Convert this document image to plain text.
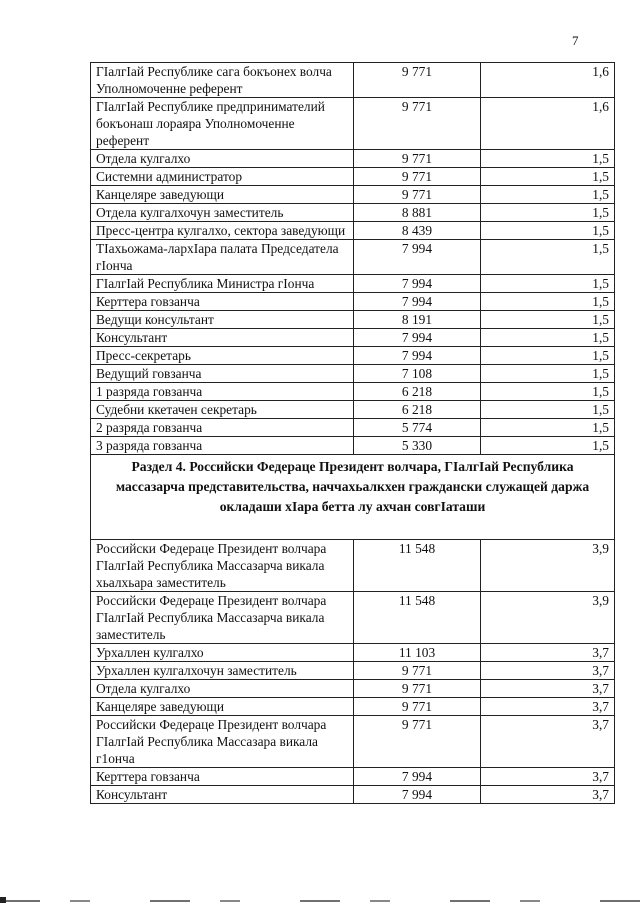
7
ГIалгIай Республике сага бокъонех волча Уполномоченне референт	9 771	1,6
ГIалгIай Республике предпринимателий бокъонаш лораяра Уполномоченне референт	9 771	1,6
Отдела кулгалхо	9 771	1,5
Системни администратор	9 771	1,5
Канцеляре заведующи	9 771	1,5
Отдела кулгалхочун заместитель	8 881	1,5
Пресс-центра кулгалхо, сектора заведующи	8 439	1,5
ТIахьожама-лархIара палата Председатела гIонча	7 994	1,5
ГIалгIай Республика Министра гIонча	7 994	1,5
Керттера говзанча	7 994	1,5
Ведущи консультант	8 191	1,5
Консультант	7 994	1,5
Пресс-секретарь	7 994	1,5
Ведущий говзанча	7 108	1,5
1 разряда говзанча	6 218	1,5
Судебни ккетачен секретарь	6 218	1,5
2 разряда говзанча	5 774	1,5
3 разряда говзанча	5 330	1,5
Раздел 4. Российски Федераце Президент волчара, ГIалгIай Республика массазарча представительства, наччахьалкхен граждански служащей даржа окладаши хIара бетта лу ахчан совгIаташи		
Российски Федераце Президент волчара ГIалгIай Республика Массазарча викала хьалхьара заместитель	11 548	3,9
Российски Федераце Президент волчара ГIалгIай Республика Массазарча викала заместитель	11 548	3,9
Урхаллен кулгалхо	11 103	3,7
Урхаллен кулгалхочун заместитель	9 771	3,7
Отдела кулгалхо	9 771	3,7
Канцеляре заведующи	9 771	3,7
Российски Федераце Президент волчара ГIалгIай Республика Массазара викала г1онча	9 771	3,7
Керттера говзанча	7 994	3,7
Консультант	7 994	3,7
